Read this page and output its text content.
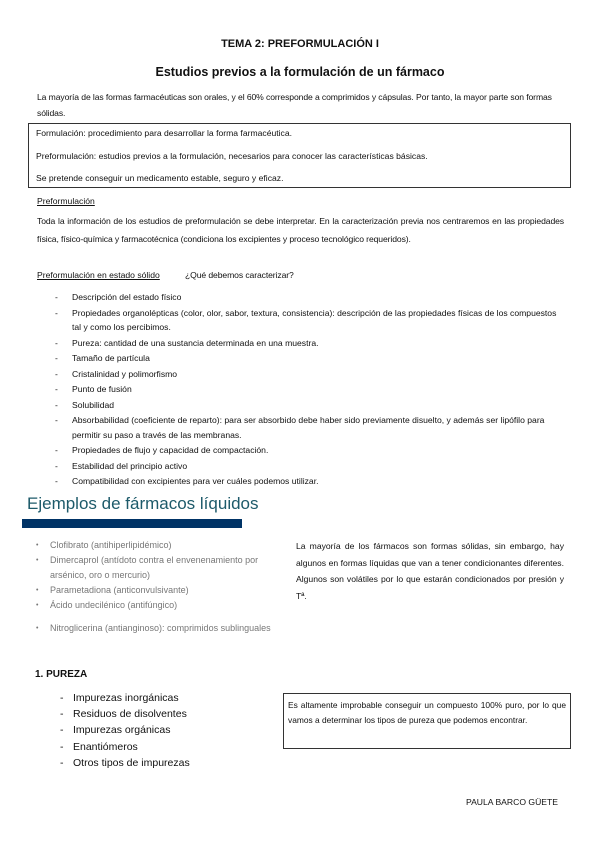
TEMA 2: PREFORMULACIÓN I
Estudios previos a la formulación de un fármaco
La mayoría de las formas farmacéuticas son orales, y el 60% corresponde a comprimidos y cápsulas. Por tanto, la mayor parte son formas sólidas.
Formulación: procedimiento para desarrollar la forma farmacéutica.
Preformulación: estudios previos a la formulación, necesarios para conocer las características básicas.
Se pretende conseguir un medicamento estable, seguro y eficaz.
Preformulación
Toda la información de los estudios de preformulación se debe interpretar. En la caracterización previa nos centraremos en las propiedades física, físico-química y farmacotécnica (condiciona los excipientes y proceso tecnológico requeridos).
Preformulación en estado sólido	¿Qué debemos caracterizar?
- Descripción del estado físico
- Propiedades organolépticas (color, olor, sabor, textura, consistencia): descripción de las propiedades físicas de los compuestos tal y como los percibimos.
- Pureza: cantidad de una sustancia determinada en una muestra.
- Tamaño de partícula
- Cristalinidad y polimorfismo
- Punto de fusión
- Solubilidad
- Absorbabilidad (coeficiente de reparto): para ser absorbido debe haber sido previamente disuelto, y además ser lipófilo para permitir su paso a través de las membranas.
- Propiedades de flujo y capacidad de compactación.
- Estabilidad del principio activo
- Compatibilidad con excipientes para ver cuáles podemos utilizar.
Ejemplos de fármacos líquidos
• Clofibrato (antihiperlipidémico)
• Dimercaprol (antídoto contra el envenenamiento por arsénico, oro o mercurio)
• Parametadiona (anticonvulsivante)
• Ácido undecilénico (antifúngico)
• Nitroglicerina (antianginoso): comprimidos sublinguales
La mayoría de los fármacos son formas sólidas, sin embargo, hay algunos en formas líquidas que van a tener condicionantes diferentes. Algunos son volátiles por lo que estarán condicionados por presión y Tª.
1. PUREZA
- Impurezas inorgánicas
- Residuos de disolventes
- Impurezas orgánicas
- Enantiómeros
- Otros tipos de impurezas
Es altamente improbable conseguir un compuesto 100% puro, por lo que vamos a determinar los tipos de pureza que podemos encontrar.
PAULA BARCO GÜETE
